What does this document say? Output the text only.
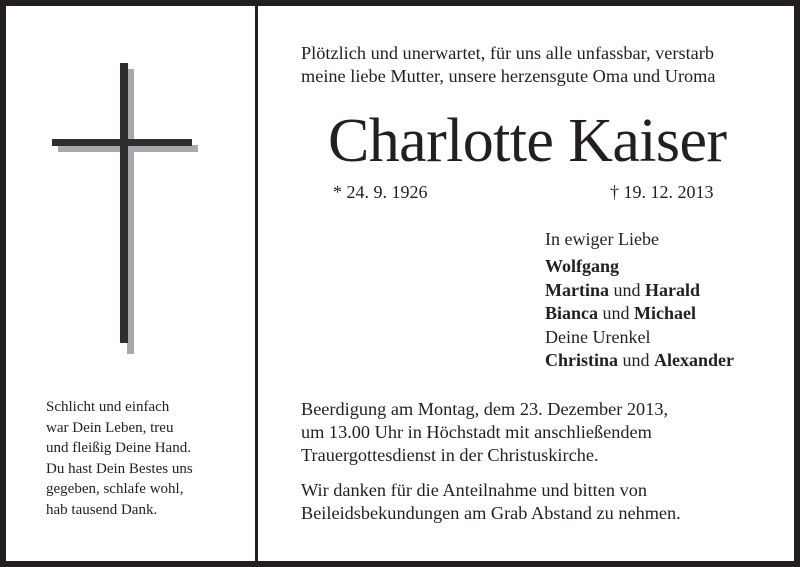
Schlicht und einfach
war Dein Leben, treu
und fleißig Deine Hand.
Du hast Dein Bestes uns
gegeben, schlafe wohl,
hab tausend Dank.
Plötzlich und unerwartet, für uns alle unfassbar, verstarb
meine liebe Mutter, unsere herzensgute Oma und Uroma
Charlotte Kaiser
* 24. 9. 1926	† 19. 12. 2013
In ewiger Liebe
Wolfgang
Martina und Harald
Bianca und Michael
Deine Urenkel
Christina und Alexander
Beerdigung am Montag, dem 23. Dezember 2013,
um 13.00 Uhr in Höchstadt mit anschließendem
Trauergottesdienst in der Christuskirche.
Wir danken für die Anteilnahme und bitten von
Beileidsbekundungen am Grab Abstand zu nehmen.
